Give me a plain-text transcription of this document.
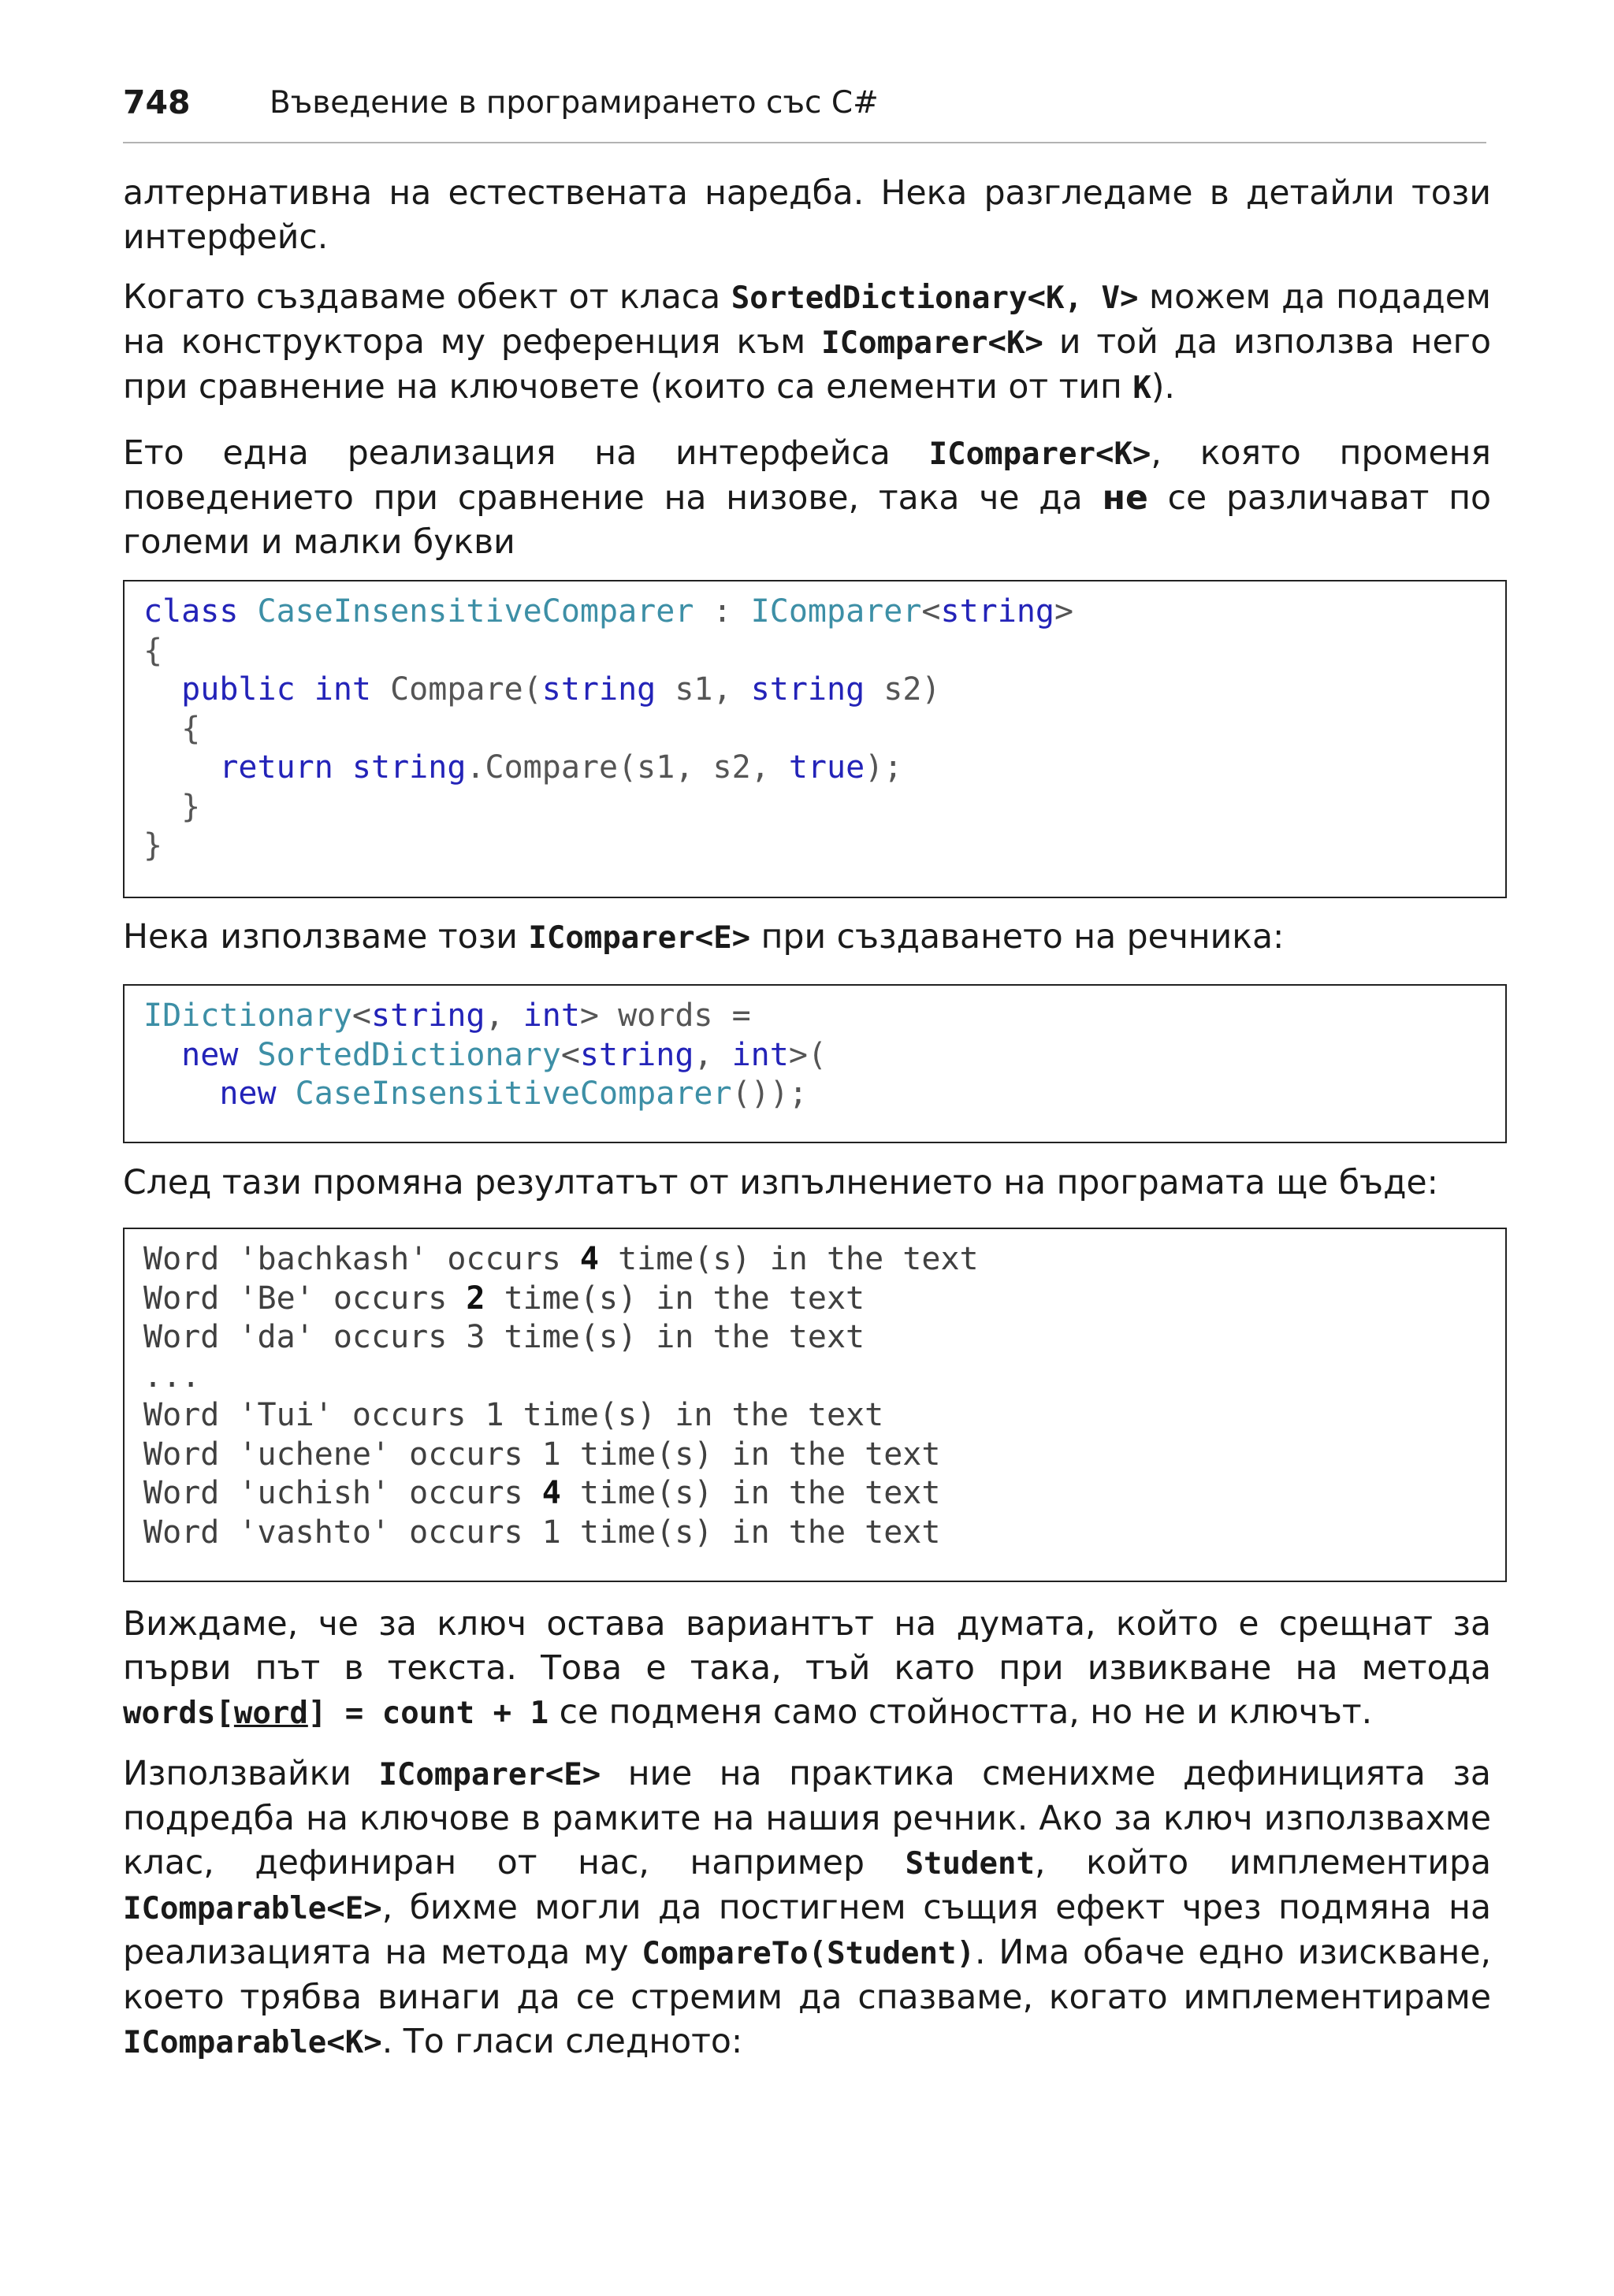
748	Въведение в програмирането със C#

алтернативна на естествената наредба. Нека разгледаме в детайли този интерфейс.

Когато създаваме обект от класа SortedDictionary<K, V> можем да подадем на конструктора му референция към IComparer<K> и той да използва него при сравнение на ключовете (които са елементи от тип K).

Ето една реализация на интерфейса IComparer<K>, която променя поведението при сравнение на низове, така че да не се различават по големи и малки букви

class CaseInsensitiveComparer : IComparer<string>
{
public int Compare(string s1, string s2)
{
return string.Compare(s1, s2, true);
}
}

Нека използваме този IComparer<E> при създаването на речника:

IDictionary<string, int> words =
new SortedDictionary<string, int>(
new CaseInsensitiveComparer());

След тази промяна резултатът от изпълнението на програмата ще бъде:

Word 'bachkash' occurs 4 time(s) in the text
Word 'Be' occurs 2 time(s) in the text
Word 'da' occurs 3 time(s) in the text
...
Word 'Tui' occurs 1 time(s) in the text
Word 'uchene' occurs 1 time(s) in the text
Word 'uchish' occurs 4 time(s) in the text
Word 'vashto' occurs 1 time(s) in the text

Виждаме, че за ключ остава вариантът на думата, който е срещнат за първи път в текста. Това е така, тъй като при извикване на метода words[word] = count + 1 се подменя само стойността, но не и ключът.

Използвайки IComparer<E> ние на практика сменихме дефиницията за подредба на ключове в рамките на нашия речник. Ако за ключ използвахме клас, дефиниран от нас, например Student, който имплементира IComparable<E>, бихме могли да постигнем същия ефект чрез подмяна на реализацията на метода му CompareTo(Student). Има обаче едно изискване, което трябва винаги да се стремим да спазваме, когато имплементираме IComparable<K>. То гласи следното:
